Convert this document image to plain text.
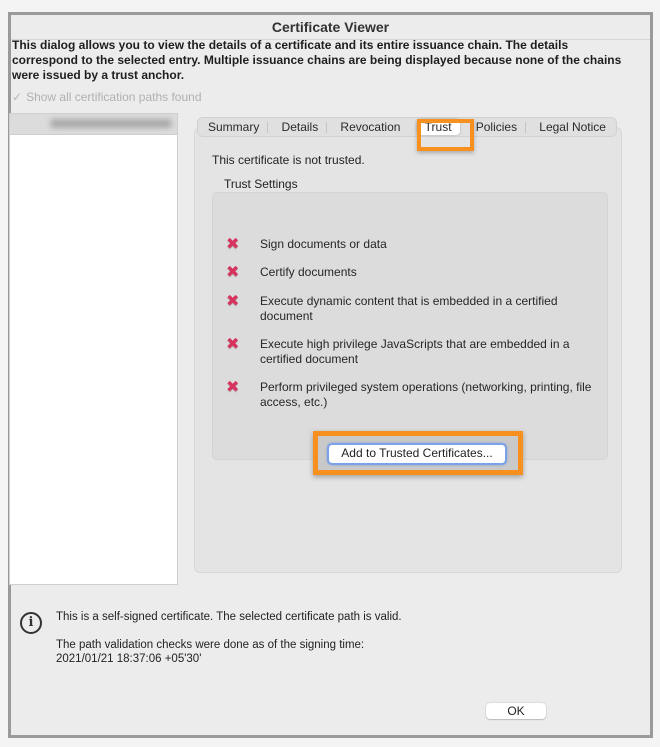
Certificate Viewer
This dialog allows you to view the details of a certificate and its entire issuance chain. The details correspond to the selected entry. Multiple issuance chains are being displayed because none of the chains were issued by a trust anchor.
✓ Show all certification paths found
Summary	Details	Revocation	Trust	Policies	Legal Notice
This certificate is not trusted.
Trust Settings
✖	Sign documents or data
✖	Certify documents
✖	Execute dynamic content that is embedded in a certified document
✖	Execute high privilege JavaScripts that are embedded in a certified document
✖	Perform privileged system operations (networking, printing, file access, etc.)
Add to Trusted Certificates...
i	This is a self-signed certificate. The selected certificate path is valid.

The path validation checks were done as of the signing time:

2021/01/21 18:37:06 +05'30'

OK
